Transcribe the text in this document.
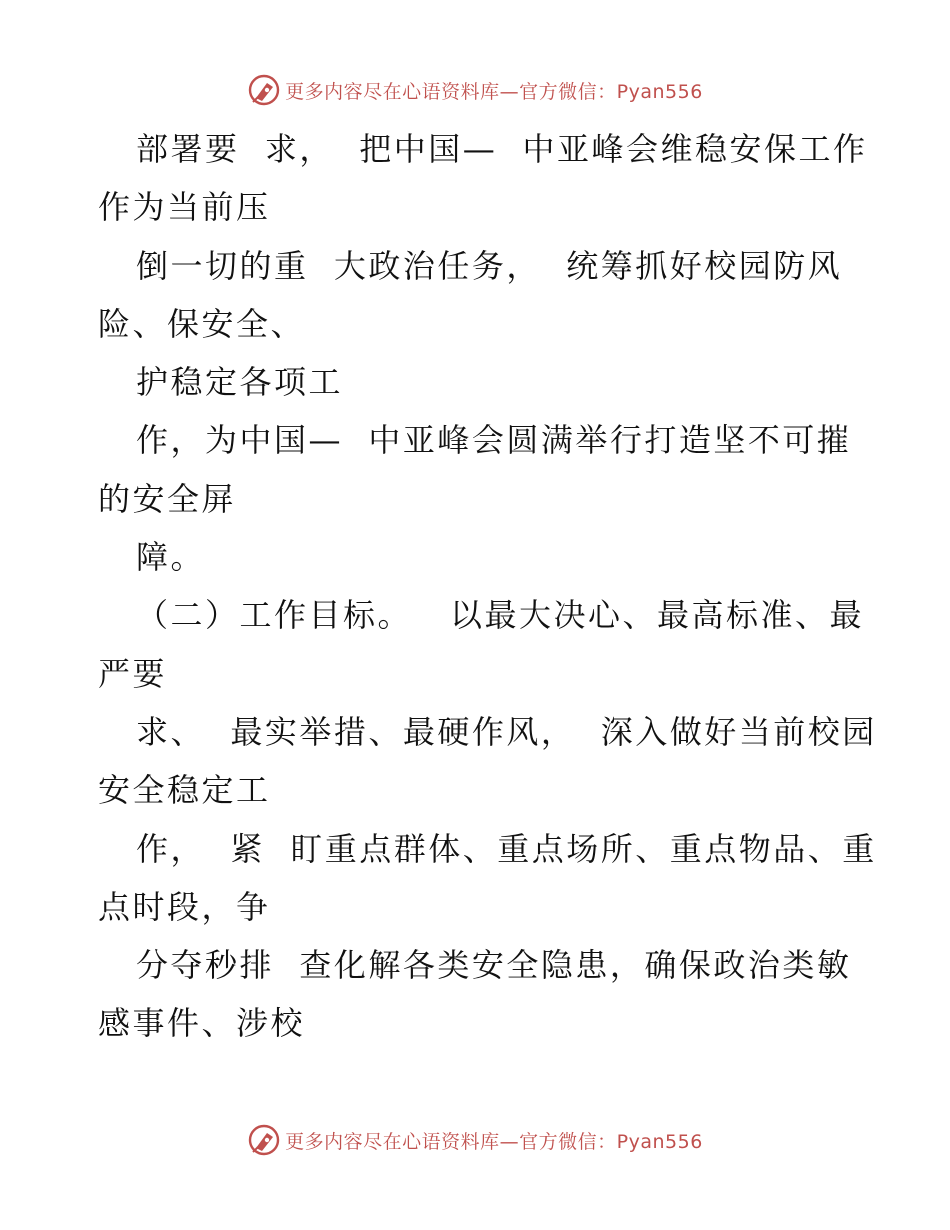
更多内容尽在心语资料库—官方微信：Pyan556
部署要  求，  把中国—  中亚峰会维稳安保工作
作为当前压
倒一切的重  大政治任务，  统筹抓好校园防风
险、保安全、
护稳定各项工
作，为中国—  中亚峰会圆满举行打造坚不可摧
的安全屏
障。
（二）工作目标。   以最大决心、最高标准、最
严要
求、  最实举措、最硬作风，  深入做好当前校园
安全稳定工
作，  紧  盯重点群体、重点场所、重点物品、重
点时段，争
分夺秒排  查化解各类安全隐患，确保政治类敏
感事件、涉校
更多内容尽在心语资料库—官方微信：Pyan556
